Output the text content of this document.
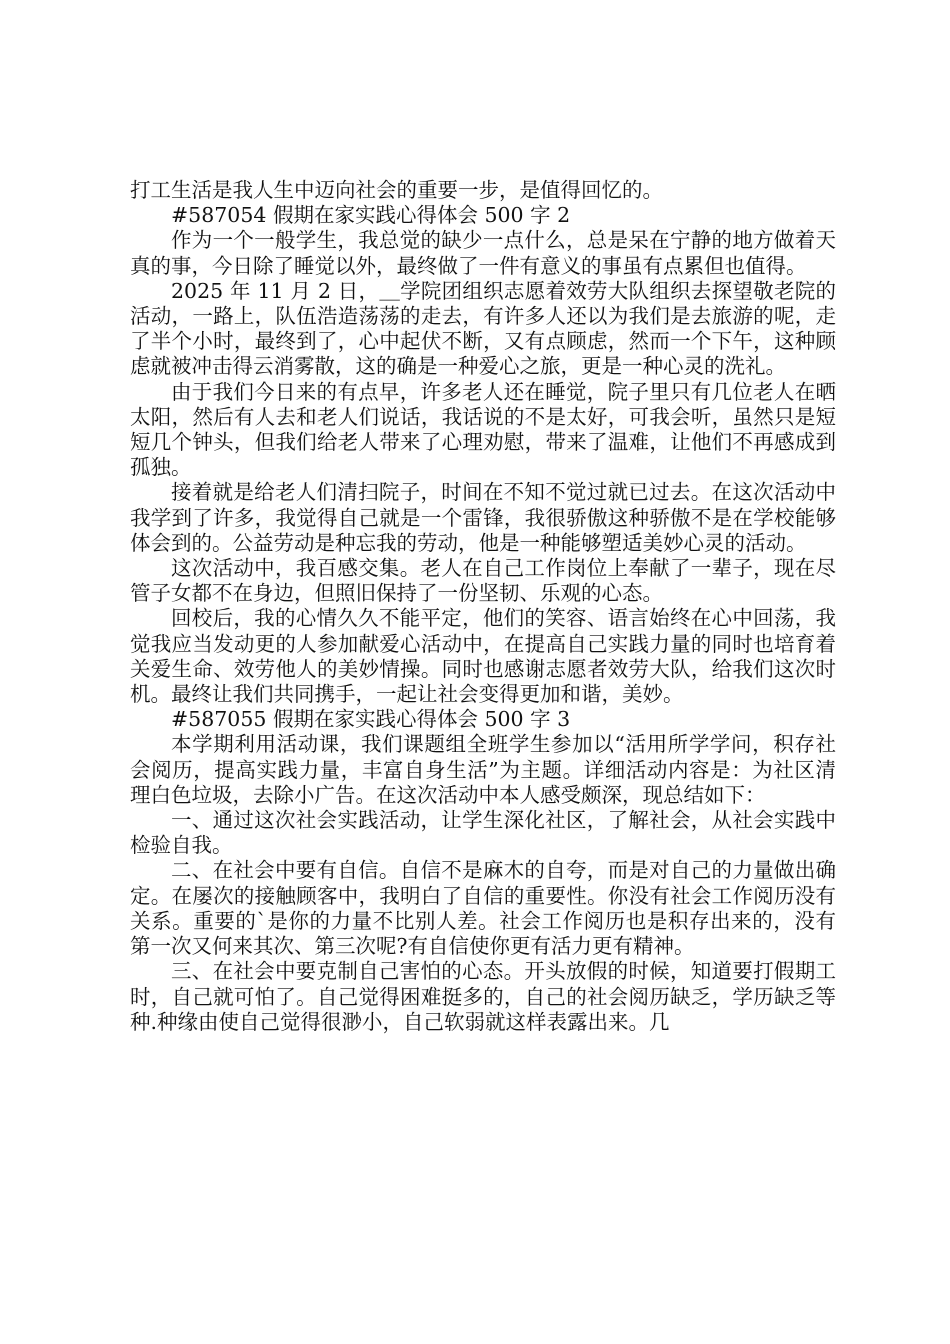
打工生活是我人生中迈向社会的重要一步，是值得回忆的。

#587054 假期在家实践心得体会 500 字 2

作为一个一般学生，我总觉的缺少一点什么，总是呆在宁静的地方做着天真的事，今日除了睡觉以外，最终做了一件有意义的事虽有点累但也值得。

2025 年 11 月 2 日，＿学院团组织志愿着效劳大队组织去探望敬老院的活动，一路上，队伍浩造荡荡的走去，有许多人还以为我们是去旅游的呢，走了半个小时，最终到了，心中起伏不断，又有点顾虑，然而一个下午，这种顾虑就被冲击得云消雾散，这的确是一种爱心之旅，更是一种心灵的洗礼。

由于我们今日来的有点早，许多老人还在睡觉，院子里只有几位老人在晒太阳，然后有人去和老人们说话，我话说的不是太好，可我会听，虽然只是短短几个钟头，但我们给老人带来了心理劝慰，带来了温难，让他们不再感成到孤独。

接着就是给老人们清扫院子，时间在不知不觉过就已过去。在这次活动中我学到了许多，我觉得自己就是一个雷锋，我很骄傲这种骄傲不是在学校能够体会到的。公益劳动是种忘我的劳动，他是一种能够塑适美妙心灵的活动。

这次活动中，我百感交集。老人在自己工作岗位上奉献了一辈子，现在尽管子女都不在身边，但照旧保持了一份坚韧、乐观的心态。

回校后，我的心情久久不能平定，他们的笑容、语言始终在心中回荡，我觉我应当发动更的人参加献爱心活动中，在提高自己实践力量的同时也培育着关爱生命、效劳他人的美妙情操。同时也感谢志愿者效劳大队，给我们这次时机。最终让我们共同携手，一起让社会变得更加和谐，美妙。

#587055 假期在家实践心得体会 500 字 3

本学期利用活动课，我们课题组全班学生参加以“活用所学学问，积存社会阅历，提高实践力量，丰富自身生活”为主题。详细活动内容是：为社区清理白色垃圾，去除小广告。在这次活动中本人感受颇深，现总结如下：

一、通过这次社会实践活动，让学生深化社区，了解社会，从社会实践中检验自我。

二、在社会中要有自信。自信不是麻木的自夸，而是对自己的力量做出确定。在屡次的接触顾客中，我明白了自信的重要性。你没有社会工作阅历没有关系。重要的`是你的力量不比别人差。社会工作阅历也是积存出来的，没有第一次又何来其次、第三次呢?有自信使你更有活力更有精神。

三、在社会中要克制自己害怕的心态。开头放假的时候，知道要打假期工时，自己就可怕了。自己觉得困难挺多的，自己的社会阅历缺乏，学历缺乏等种.种缘由使自己觉得很渺小，自己软弱就这样表露出来。几
